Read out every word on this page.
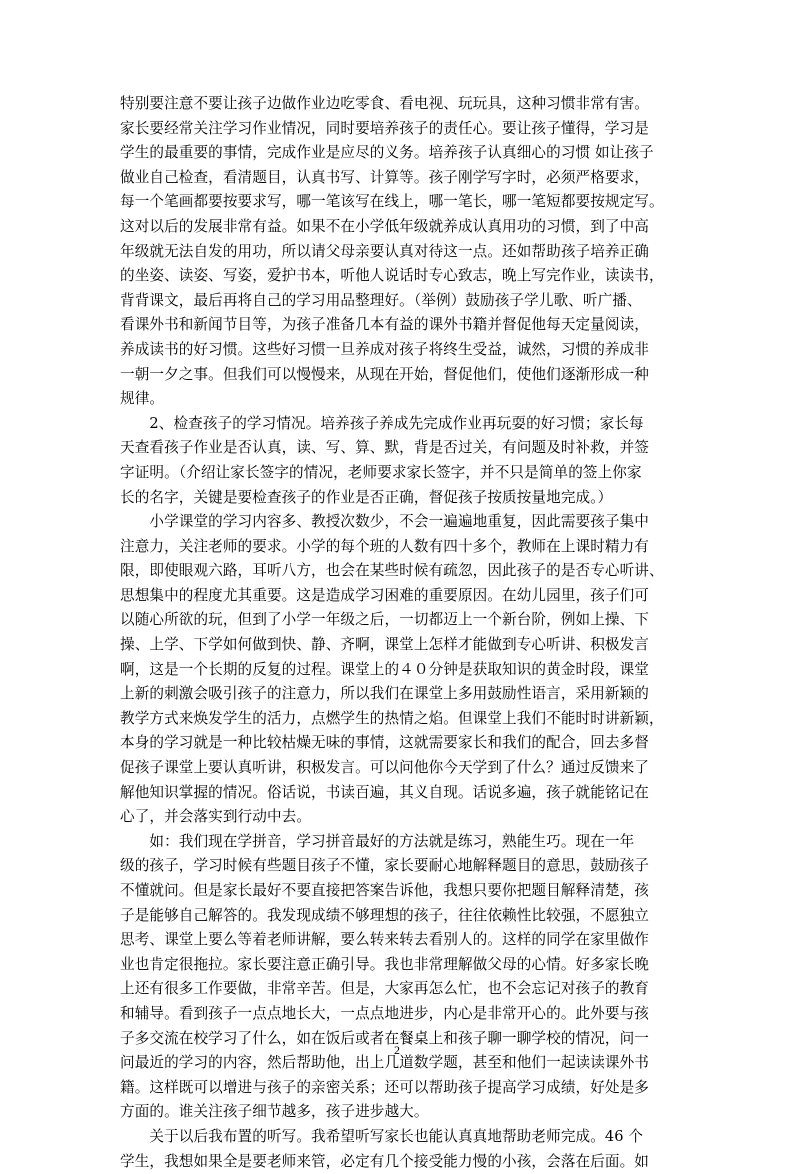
特别要注意不要让孩子边做作业边吃零食、看电视、玩玩具，这种习惯非常有害。
家长要经常关注学习作业情况，同时要培养孩子的责任心。要让孩子懂得，学习是
学生的最重要的事情，完成作业是应尽的义务。培养孩子认真细心的习惯 如让孩子
做业自己检查，看清题目，认真书写、计算等。孩子刚学写字时，必须严格要求，
每一个笔画都要按要求写，哪一笔该写在线上，哪一笔长，哪一笔短都要按规定写。
这对以后的发展非常有益。如果不在小学低年级就养成认真用功的习惯，到了中高
年级就无法自发的用功，所以请父母亲要认真对待这一点。还如帮助孩子培养正确
的坐姿、读姿、写姿，爱护书本，听他人说话时专心致志，晚上写完作业，读读书，
背背课文，最后再将自己的学习用品整理好。（举例）鼓励孩子学儿歌、听广播、
看课外书和新闻节目等，为孩子准备几本有益的课外书籍并督促他每天定量阅读，
养成读书的好习惯。这些好习惯一旦养成对孩子将终生受益，诚然，习惯的养成非
一朝一夕之事。但我们可以慢慢来，从现在开始，督促他们，使他们逐渐形成一种
规律。
　　2、检查孩子的学习情况。培养孩子养成先完成作业再玩耍的好习惯；家长每
天查看孩子作业是否认真，读、写、算、默，背是否过关，有问题及时补救，并签
字证明。（介绍让家长签字的情况，老师要求家长签字，并不只是简单的签上你家
长的名字，关键是要检查孩子的作业是否正确，督促孩子按质按量地完成。）
　　小学课堂的学习内容多、教授次数少，不会一遍遍地重复，因此需要孩子集中
注意力，关注老师的要求。小学的每个班的人数有四十多个，教师在上课时精力有
限，即使眼观六路，耳听八方，也会在某些时候有疏忽，因此孩子的是否专心听讲、
思想集中的程度尤其重要。这是造成学习困难的重要原因。在幼儿园里，孩子们可
以随心所欲的玩，但到了小学一年级之后，一切都迈上一个新台阶，例如上操、下
操、上学、下学如何做到快、静、齐啊，课堂上怎样才能做到专心听讲、积极发言
啊，这是一个长期的反复的过程。课堂上的４０分钟是获取知识的黄金时段，课堂
上新的刺激会吸引孩子的注意力，所以我们在课堂上多用鼓励性语言，采用新颖的
教学方式来焕发学生的活力，点燃学生的热情之焰。但课堂上我们不能时时讲新颖，
本身的学习就是一种比较枯燥无味的事情，这就需要家长和我们的配合，回去多督
促孩子课堂上要认真听讲，积极发言。可以问他你今天学到了什么？通过反馈来了
解他知识掌握的情况。俗话说，书读百遍，其义自现。话说多遍，孩子就能铭记在
心了，并会落实到行动中去。
　　如：我们现在学拼音，学习拼音最好的方法就是练习，熟能生巧。现在一年
级的孩子，学习时候有些题目孩子不懂，家长要耐心地解释题目的意思，鼓励孩子
不懂就问。但是家长最好不要直接把答案告诉他，我想只要你把题目解释清楚，孩
子是能够自己解答的。我发现成绩不够理想的孩子，往往依赖性比较强，不愿独立
思考、课堂上要么等着老师讲解，要么转来转去看别人的。这样的同学在家里做作
业也肯定很拖拉。家长要注意正确引导。我也非常理解做父母的心情。好多家长晚
上还有很多工作要做，非常辛苦。但是，大家再怎么忙，也不会忘记对孩子的教育
和辅导。看到孩子一点点地长大，一点点地进步，内心是非常开心的。此外要与孩
子多交流在校学习了什么，如在饭后或者在餐桌上和孩子聊一聊学校的情况，问一
问最近的学习的内容，然后帮助他，出上几道数学题，甚至和他们一起读读课外书
籍。这样既可以增进与孩子的亲密关系；还可以帮助孩子提高学习成绩，好处是多
方面的。谁关注孩子细节越多，孩子进步越大。
　　关于以后我布置的听写。我希望听写家长也能认真真地帮助老师完成。46 个
学生，我想如果全是要老师来管，必定有几个接受能力慢的小孩，会落在后面。如
2
